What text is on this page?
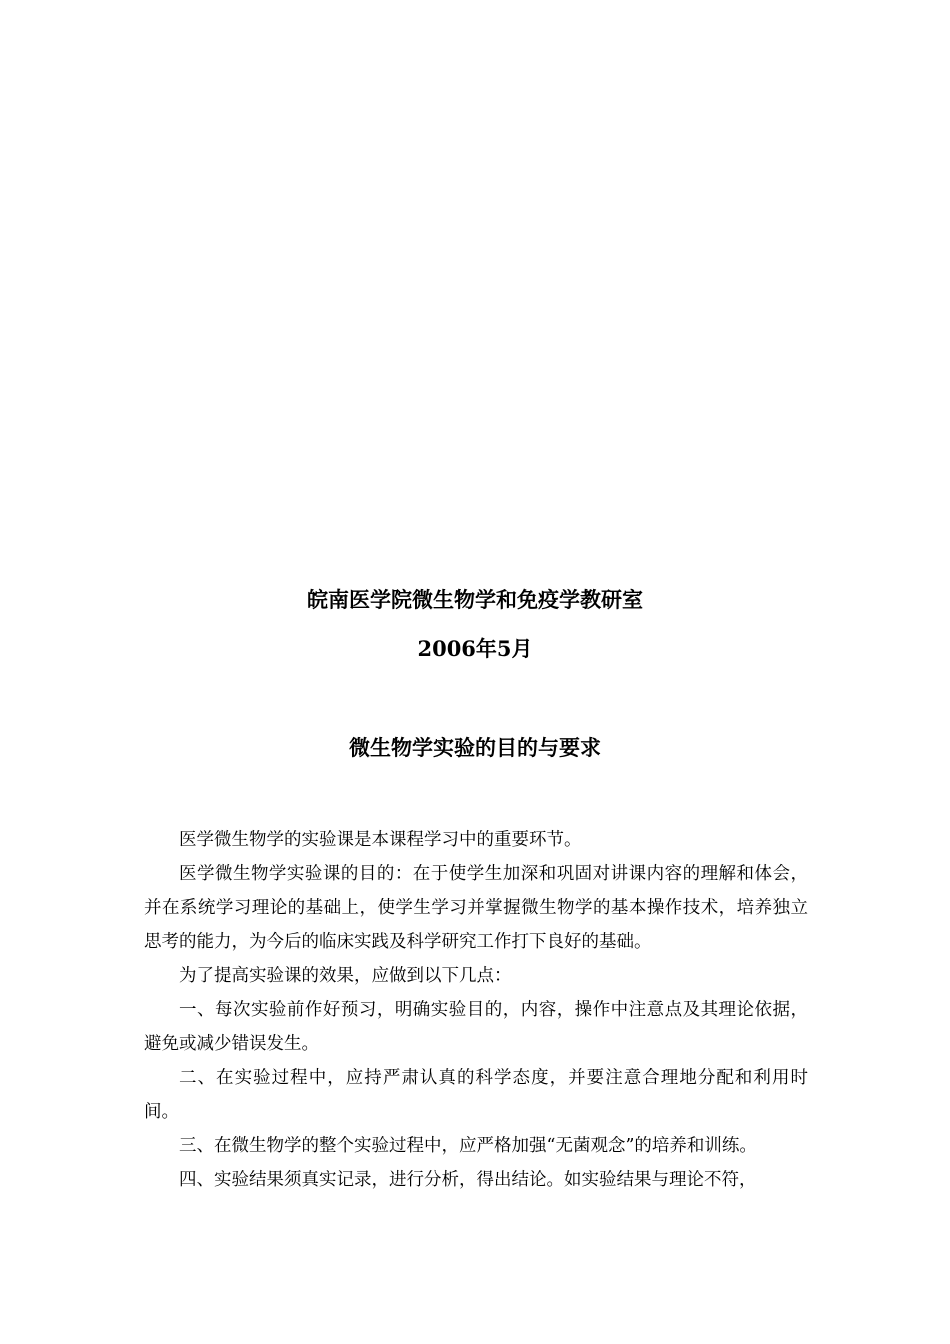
皖南医学院微生物学和免疫学教研室
2006年5月
微生物学实验的目的与要求

医学微生物学的实验课是本课程学习中的重要环节。

医学微生物学实验课的目的：在于使学生加深和巩固对讲课内容的理解和体会，并在系统学习理论的基础上，使学生学习并掌握微生物学的基本操作技术，培养独立思考的能力，为今后的临床实践及科学研究工作打下良好的基础。

为了提高实验课的效果，应做到以下几点：

一、每次实验前作好预习，明确实验目的，内容，操作中注意点及其理论依据，避免或减少错误发生。

二、在实验过程中，应持严肃认真的科学态度，并要注意合理地分配和利用时间。

三、在微生物学的整个实验过程中，应严格加强“无菌观念”的培养和训练。

四、实验结果须真实记录，进行分析，得出结论。如实验结果与理论不符，
